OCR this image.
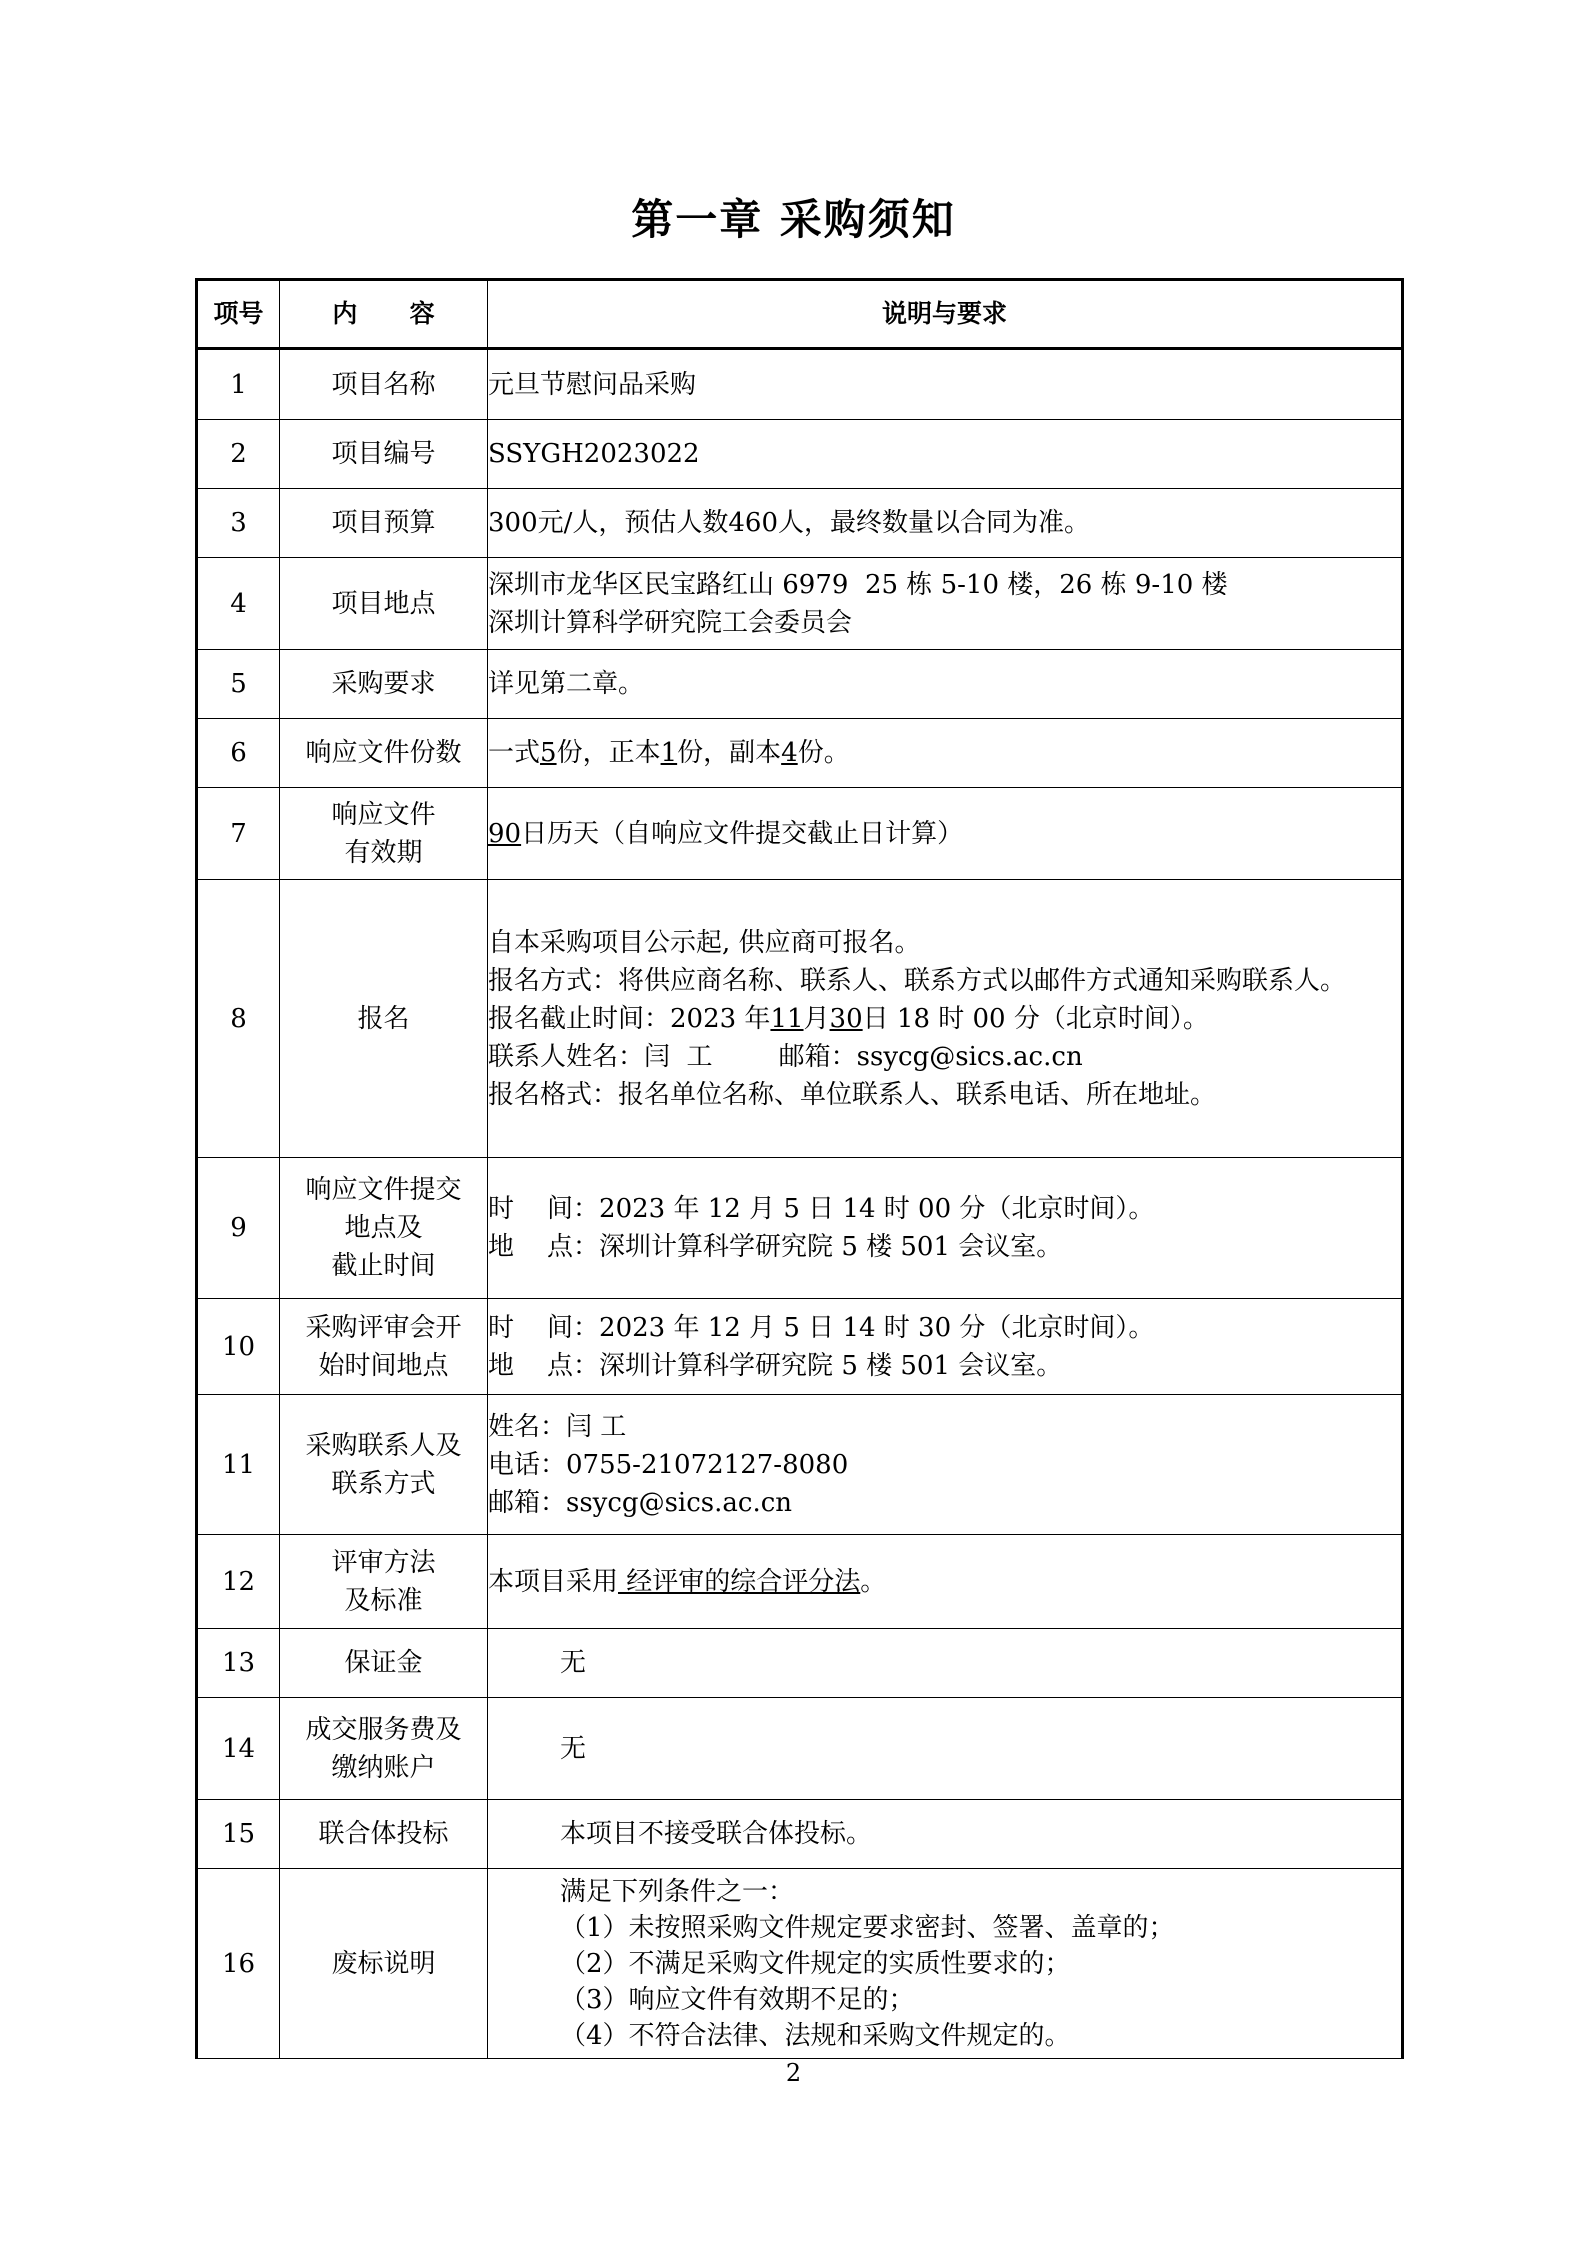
第一章 采购须知
项号	内      容	说明与要求
1	项目名称	元旦节慰问品采购

2	项目编号	SSYGH2023022

3	项目预算	300元/人，预估人数460人，最终数量以合同为准。

4	项目地点	深圳市龙华区民宝路红山 6979  25 栋 5-10 楼，26 栋 9-10 楼
深圳计算科学研究院工会委员会

5	采购要求	详见第二章。

6	响应文件份数	一式5份，正本1份，副本4份。
7	响应文件
有效期	90日历天（自响应文件提交截止日计算）
8	报名	自本采购项目公示起, 供应商可报名。
报名方式：将供应商名称、联系人、联系方式以邮件方式通知采购联系人。
报名截止时间：2023 年11月30日 18 时 00 分（北京时间）。
联系人姓名：闫  工        邮箱：ssycg@sics.ac.cn
报名格式：报名单位名称、单位联系人、联系电话、所在地址。

9	响应文件提交
地点及
截止时间	时    间：2023 年 12 月 5 日 14 时 00 分（北京时间）。
地    点：深圳计算科学研究院 5 楼 501 会议室。

10	采购评审会开
始时间地点	时    间：2023 年 12 月 5 日 14 时 30 分（北京时间）。
地    点：深圳计算科学研究院 5 楼 501 会议室。

11	采购联系人及
联系方式	姓名：闫 工
电话：0755-21072127-8080
邮箱：ssycg@sics.ac.cn

12	评审方法
及标准	本项目采用 经评审的综合评分法。
13	保证金	无

14	成交服务费及
缴纳账户	无

15	联合体投标	本项目不接受联合体投标。

16	废标说明	满足下列条件之一：
（1）未按照采购文件规定要求密封、签署、盖章的；
（2）不满足采购文件规定的实质性要求的；
（3）响应文件有效期不足的；
（4）不符合法律、法规和采购文件规定的。
2
